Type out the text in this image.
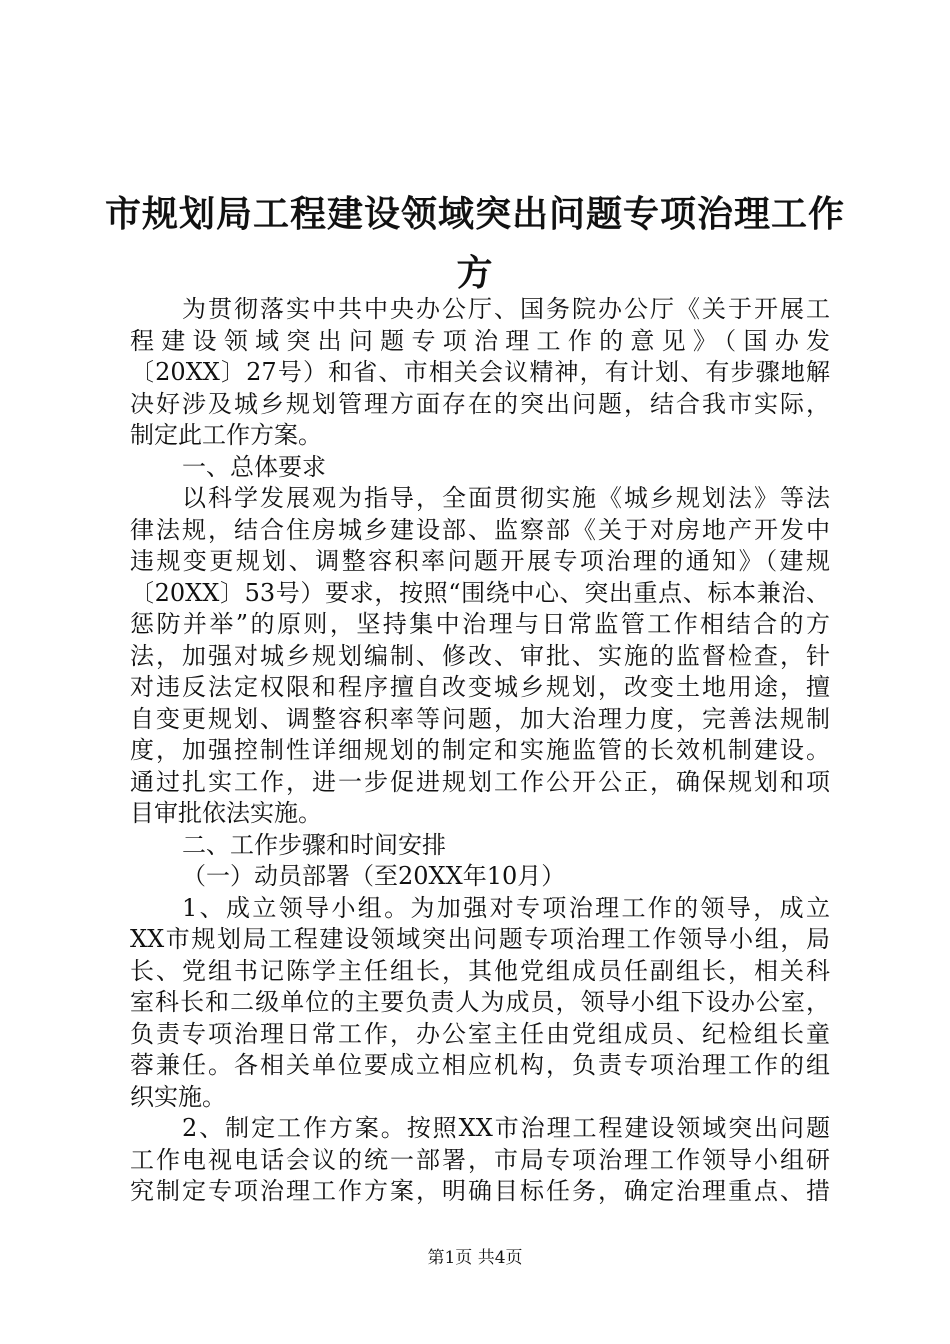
市规划局工程建设领域突出问题专项治理工作
方
为贯彻落实中共中央办公厅、国务院办公厅《关于开展工
程建设领域突出问题专项治理工作的意见》（国办发
〔20XX〕27号）和省、市相关会议精神，有计划、有步骤地解
决好涉及城乡规划管理方面存在的突出问题，结合我市实际，
制定此工作方案。
一、总体要求
以科学发展观为指导，全面贯彻实施《城乡规划法》等法
律法规，结合住房城乡建设部、监察部《关于对房地产开发中
违规变更规划、调整容积率问题开展专项治理的通知》（建规
〔20XX〕53号）要求，按照“围绕中心、突出重点、标本兼治、
惩防并举”的原则，坚持集中治理与日常监管工作相结合的方
法，加强对城乡规划编制、修改、审批、实施的监督检查，针
对违反法定权限和程序擅自改变城乡规划，改变土地用途，擅
自变更规划、调整容积率等问题，加大治理力度，完善法规制
度，加强控制性详细规划的制定和实施监管的长效机制建设。
通过扎实工作，进一步促进规划工作公开公正，确保规划和项
目审批依法实施。
二、工作步骤和时间安排
（一）动员部署（至20XX年10月）
1、成立领导小组。为加强对专项治理工作的领导，成立
XX市规划局工程建设领域突出问题专项治理工作领导小组，局
长、党组书记陈学主任组长，其他党组成员任副组长，相关科
室科长和二级单位的主要负责人为成员，领导小组下设办公室，
负责专项治理日常工作，办公室主任由党组成员、纪检组长童
蓉兼任。各相关单位要成立相应机构，负责专项治理工作的组
织实施。
2、制定工作方案。按照XX市治理工程建设领域突出问题
工作电视电话会议的统一部署，市局专项治理工作领导小组研
究制定专项治理工作方案，明确目标任务，确定治理重点、措
第1页 共4页
